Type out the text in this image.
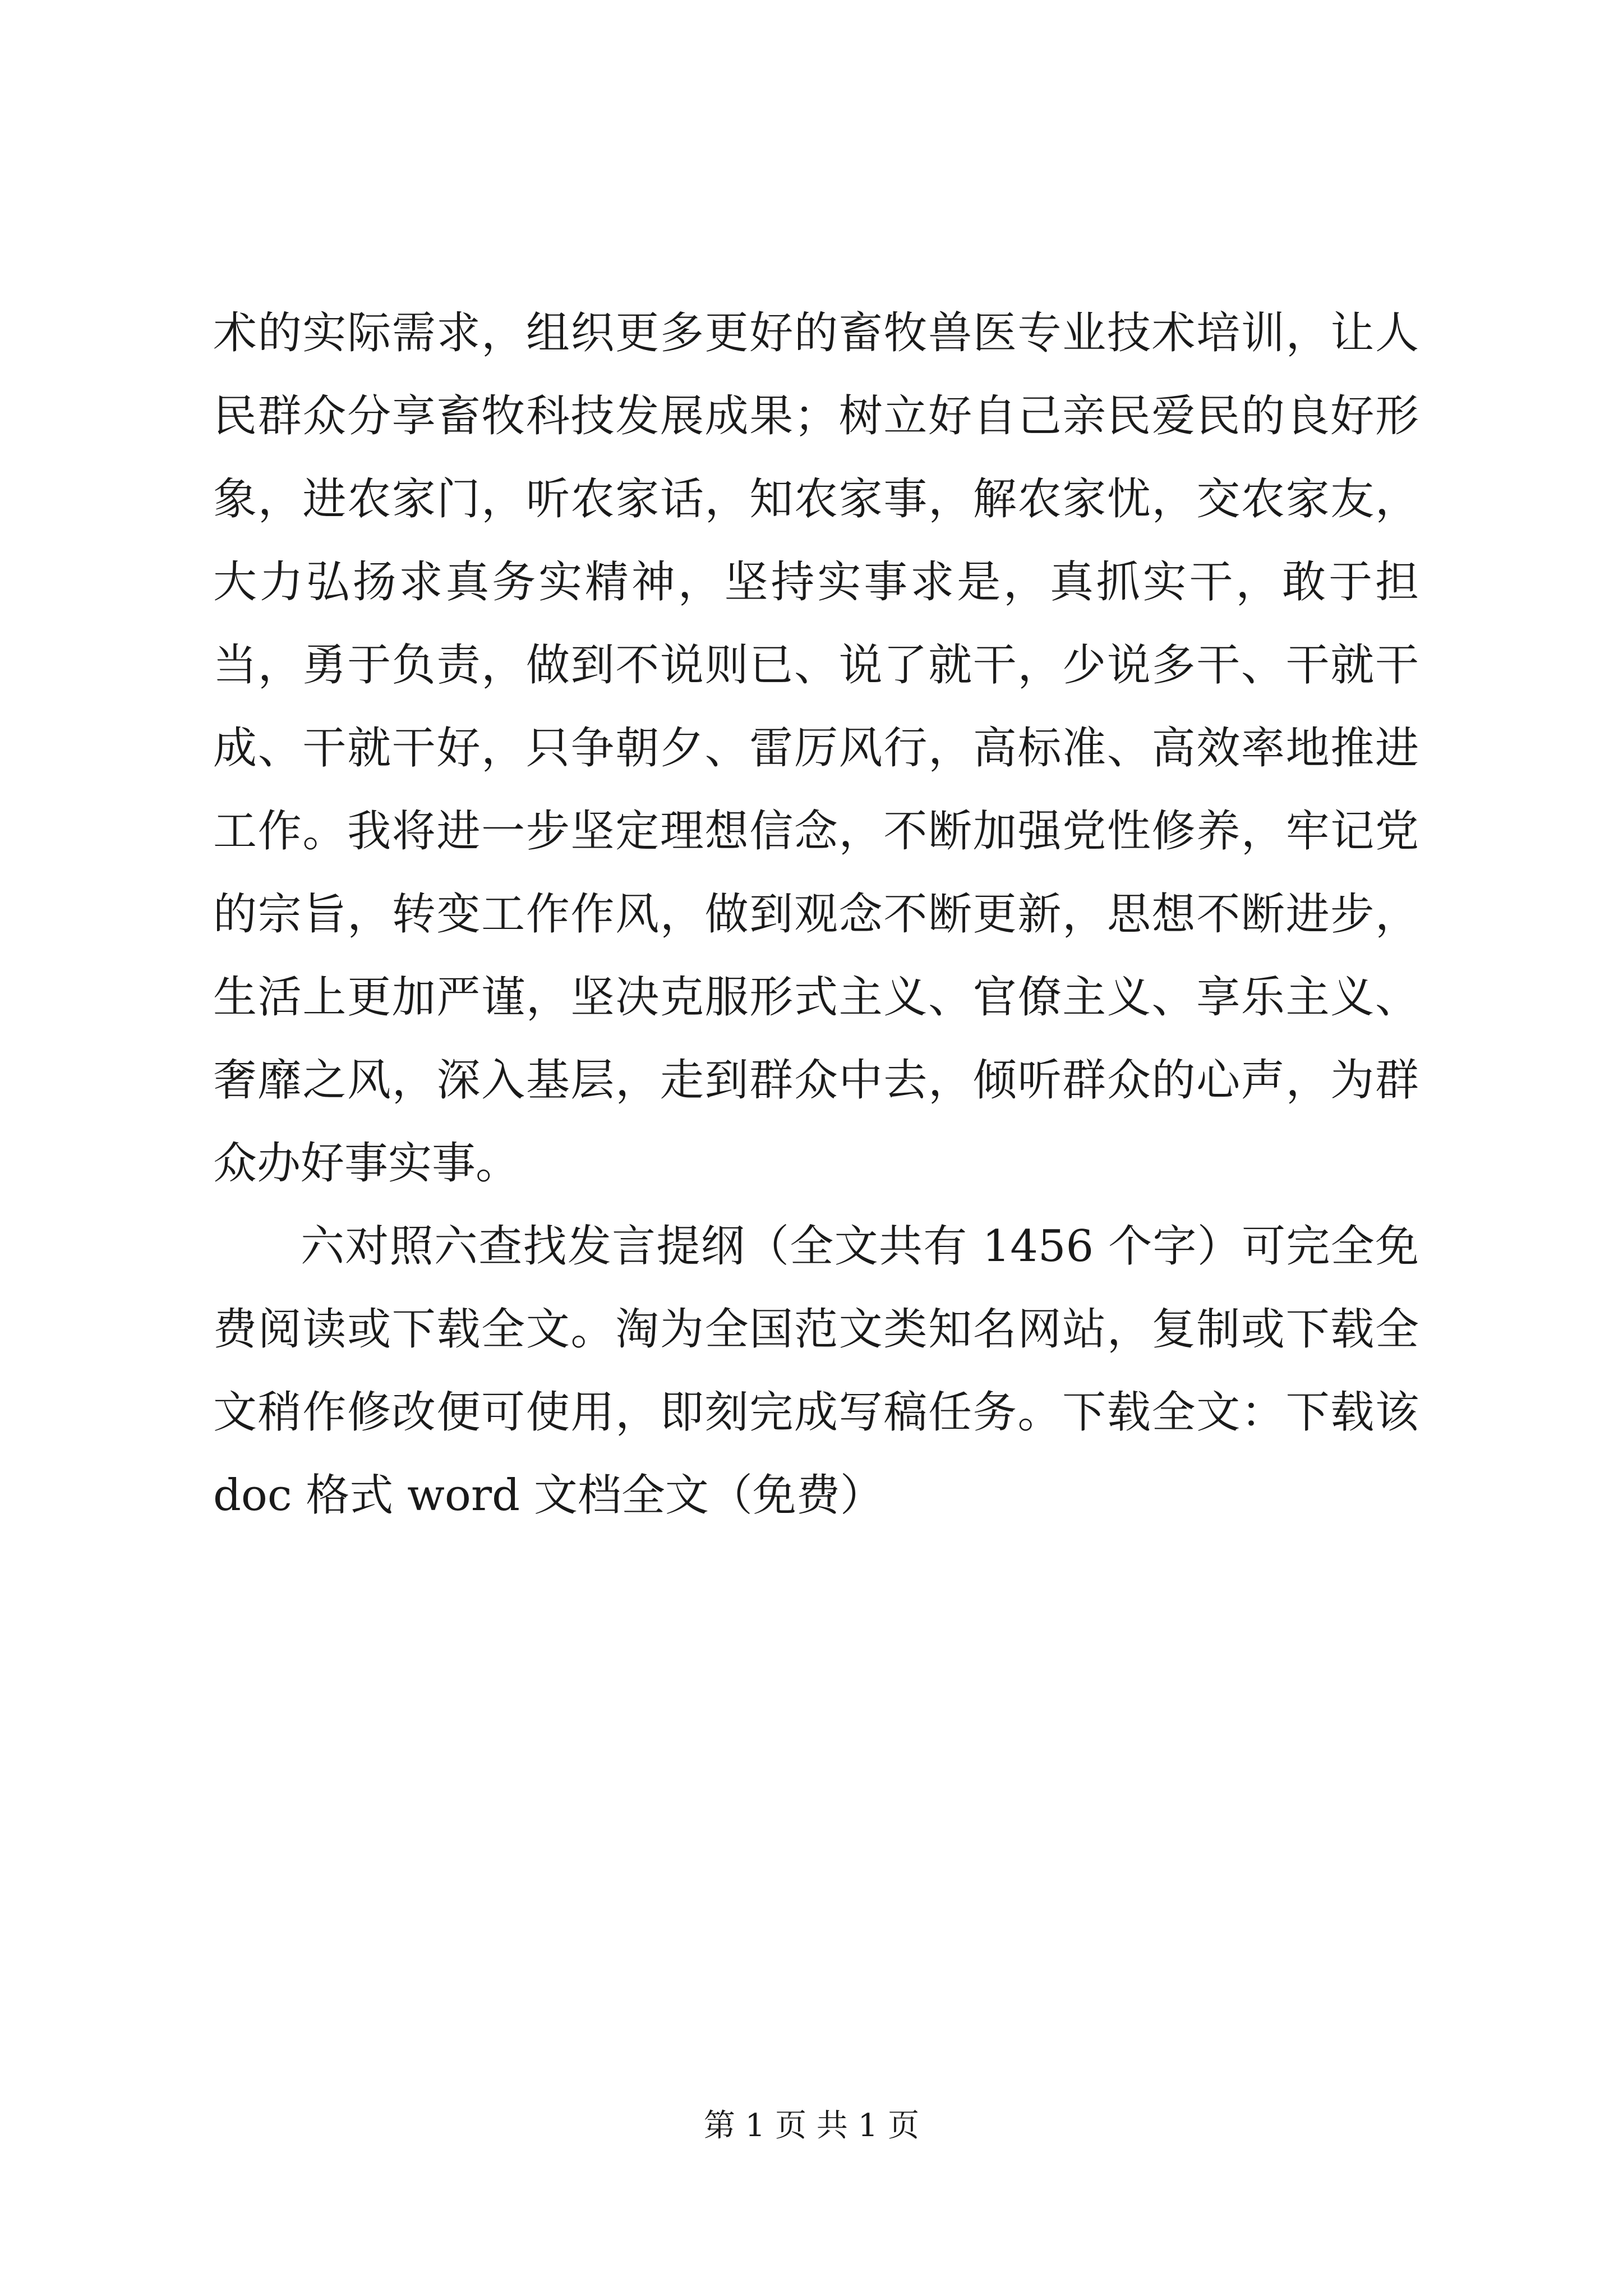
术的实际需求，组织更多更好的畜牧兽医专业技术培训，让人民群众分享畜牧科技发展成果；树立好自己亲民爱民的良好形象，进农家门，听农家话，知农家事，解农家忧，交农家友，大力弘扬求真务实精神，坚持实事求是，真抓实干，敢于担当，勇于负责，做到不说则已、说了就干，少说多干、干就干成、干就干好，只争朝夕、雷厉风行，高标准、高效率地推进工作。我将进一步坚定理想信念，不断加强党性修养，牢记党的宗旨，转变工作作风，做到观念不断更新，思想不断进步，生活上更加严谨，坚决克服形式主义、官僚主义、享乐主义、奢靡之风，深入基层，走到群众中去，倾听群众的心声，为群众办好事实事。

六对照六查找发言提纲（全文共有 1456 个字）可完全免费阅读或下载全文。淘为全国范文类知名网站，复制或下载全文稍作修改便可使用，即刻完成写稿任务。下载全文：下载该 doc 格式 word 文档全文（免费）

第 1 页 共 1 页
